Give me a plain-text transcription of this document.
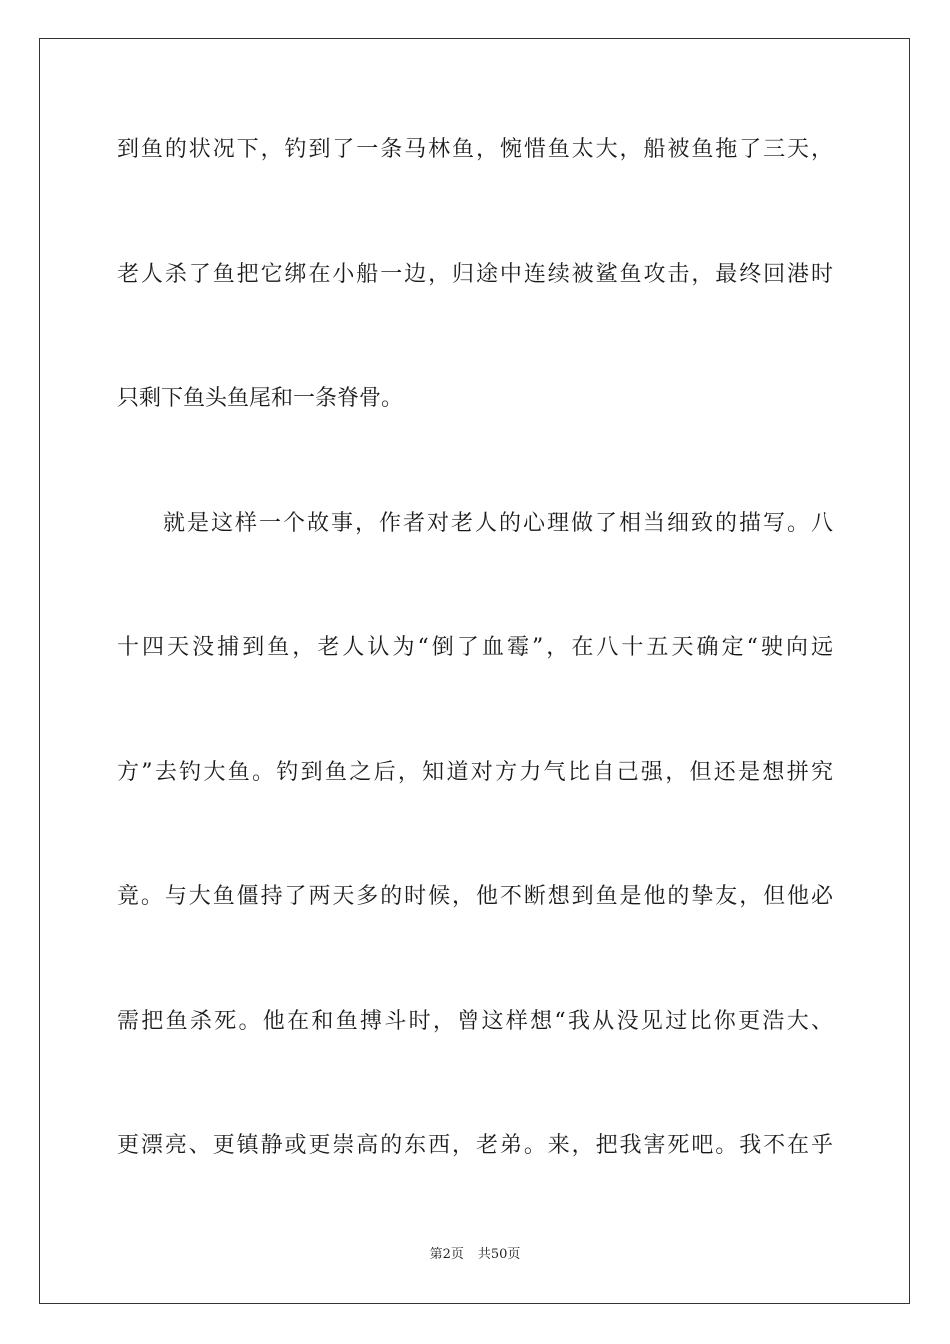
到鱼的状况下，钓到了一条马林鱼，惋惜鱼太大，船被鱼拖了三天，
老人杀了鱼把它绑在小船一边，归途中连续被鲨鱼攻击，最终回港时
只剩下鱼头鱼尾和一条脊骨。
就是这样一个故事，作者对老人的心理做了相当细致的描写。八
十四天没捕到鱼，老人认为“倒了血霉”，在八十五天确定“驶向远
方”去钓大鱼。钓到鱼之后，知道对方力气比自己强，但还是想拼究
竟。与大鱼僵持了两天多的时候，他不断想到鱼是他的挚友，但他必
需把鱼杀死。他在和鱼搏斗时，曾这样想“我从没见过比你更浩大、
更漂亮、更镇静或更崇高的东西，老弟。来，把我害死吧。我不在乎
第2页 共50页
